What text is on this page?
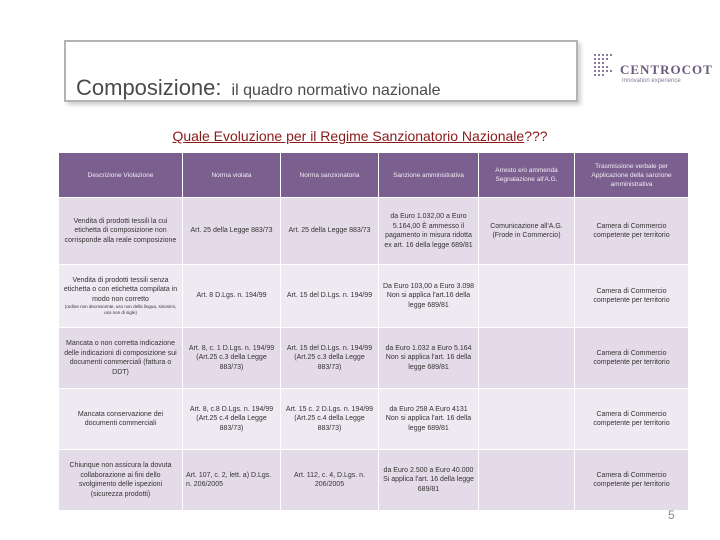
Composizione: il quadro normativo nazionale
CENTROCOT
Innovation experience
Quale Evoluzione per il Regime Sanzionatorio Nazionale???
Descrizione Violazione	Norma violata	Norma sanzionatoria	Sanzione amministrativa	Arresto e/o ammenda Segnalazione all'A.G.	Trasmissione verbale per Applicazione della sanzione amministrativa
Vendita di prodotti tessili la cui etichetta di composizione non corrisponde alla reale composizione	Art. 25 della Legge 883/73	Art. 25 della Legge 883/73	da Euro 1.032,00 a Euro 5.164,00 È ammesso il pagamento in misura ridotta ex art. 16 della legge 689/81	Comunicazione all'A.G. (Frode in Commercio)	Camera di Commercio competente per territorio
Vendita di prodotti tessili senza etichetta o con etichetta compilata in modo non corretto
(ordine non decrescente, uso non della lingua, sinonimi, uso non di sigle)	Art. 8 D.Lgs. n. 194/99	Art. 15 del D.Lgs. n. 194/99	Da Euro 103,00 a Euro 3.098 Non si applica l'art.16 della legge 689/81		Camera di Commercio competente per territorio
Mancata o non corretta indicazione delle indicazioni di composizione sui documenti commerciali (fattura o DDT)	Art. 8, c. 1 D.Lgs. n. 194/99 (Art.25 c.3 della Legge 883/73)	Art. 15 del D.Lgs. n. 194/99 (Art.25 c.3 della Legge 883/73)	da Euro 1.032 a Euro 5.164 Non si applica l'art. 16 della legge 689/81		Camera di Commercio competente per territorio
Mancata conservazione dei documenti commerciali	Art. 8, c.8 D.Lgs. n. 194/99 (Art.25 c.4 della Legge 883/73)	Art. 15 c. 2 D.Lgs. n. 194/99 (Art.25 c.4 della Legge 883/73)	da Euro 258 A Euro 4131 Non si applica l'art. 16 della legge 689/81		Camera di Commercio competente per territorio
Chiunque non assicura la dovuta collaborazione ai fini dello svolgimento delle ispezioni (sicurezza prodotti)	Art. 107, c. 2, lett. a) D.Lgs. n. 206/2005	Art. 112, c. 4, D.Lgs. n. 206/2005	da Euro 2.500 a Euro 40.000 Si applica l'art. 16 della legge 689/81		Camera di Commercio competente per territorio
5
